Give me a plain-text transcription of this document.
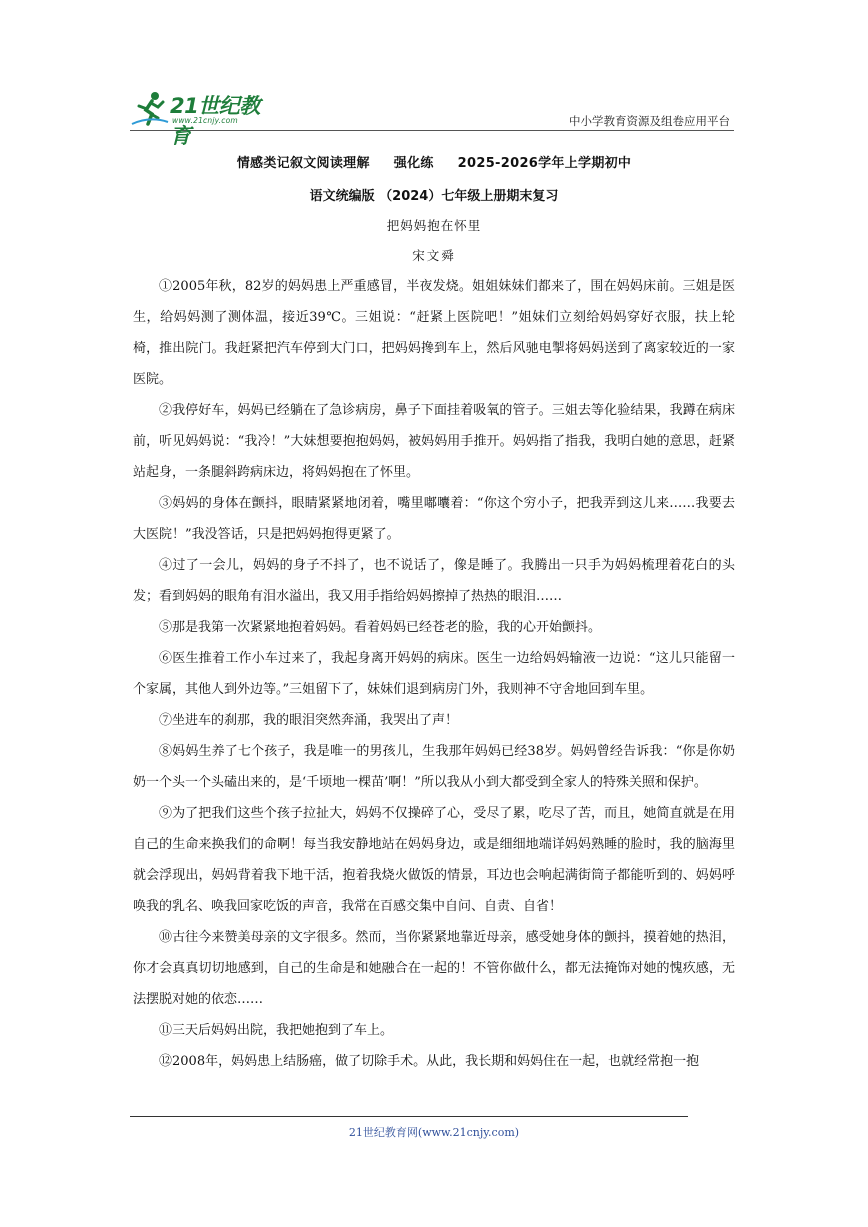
21世纪教育
www.21cnjy.com	中小学教育资源及组卷应用平台
情感类记叙文阅读理解 强化练 2025-2026学年上学期初中
语文统编版 （2024）七年级上册期末复习
把妈妈抱在怀里
宋文舜

①2005年秋，82岁的妈妈患上严重感冒，半夜发烧。姐姐妹妹们都来了，围在妈妈床前。三姐是医生，给妈妈测了测体温，接近39℃。三姐说：“赶紧上医院吧！”姐妹们立刻给妈妈穿好衣服，扶上轮椅，推出院门。我赶紧把汽车停到大门口，把妈妈搀到车上，然后风驰电掣将妈妈送到了离家较近的一家医院。

②我停好车，妈妈已经躺在了急诊病房，鼻子下面挂着吸氧的管子。三姐去等化验结果，我蹲在病床前，听见妈妈说：“我冷！”大妹想要抱抱妈妈，被妈妈用手推开。妈妈指了指我，我明白她的意思，赶紧站起身，一条腿斜跨病床边，将妈妈抱在了怀里。

③妈妈的身体在颤抖，眼睛紧紧地闭着，嘴里嘟囔着：“你这个穷小子，把我弄到这儿来……我要去大医院！”我没答话，只是把妈妈抱得更紧了。

④过了一会儿，妈妈的身子不抖了，也不说话了，像是睡了。我腾出一只手为妈妈梳理着花白的头发；看到妈妈的眼角有泪水溢出，我又用手指给妈妈擦掉了热热的眼泪……

⑤那是我第一次紧紧地抱着妈妈。看着妈妈已经苍老的脸，我的心开始颤抖。

⑥医生推着工作小车过来了，我起身离开妈妈的病床。医生一边给妈妈输液一边说：“这儿只能留一个家属，其他人到外边等。”三姐留下了，妹妹们退到病房门外，我则神不守舍地回到车里。

⑦坐进车的刹那，我的眼泪突然奔涌，我哭出了声！

⑧妈妈生养了七个孩子，我是唯一的男孩儿，生我那年妈妈已经38岁。妈妈曾经告诉我：“你是你奶奶一个头一个头磕出来的，是‘千顷地一棵苗’啊！”所以我从小到大都受到全家人的特殊关照和保护。

⑨为了把我们这些个孩子拉扯大，妈妈不仅操碎了心，受尽了累，吃尽了苦，而且，她简直就是在用自己的生命来换我们的命啊！每当我安静地站在妈妈身边，或是细细地端详妈妈熟睡的脸时，我的脑海里就会浮现出，妈妈背着我下地干活，抱着我烧火做饭的情景，耳边也会响起满街筒子都能听到的、妈妈呼唤我的乳名、唤我回家吃饭的声音，我常在百感交集中自问、自责、自省！

⑩古往今来赞美母亲的文字很多。然而，当你紧紧地靠近母亲，感受她身体的颤抖，摸着她的热泪，你才会真真切切地感到，自己的生命是和她融合在一起的！不管你做什么，都无法掩饰对她的愧疚感，无法摆脱对她的依恋……

⑪三天后妈妈出院，我把她抱到了车上。

⑫2008年，妈妈患上结肠癌，做了切除手术。从此，我长期和妈妈住在一起，也就经常抱一抱

21世纪教育网(www.21cnjy.com)
